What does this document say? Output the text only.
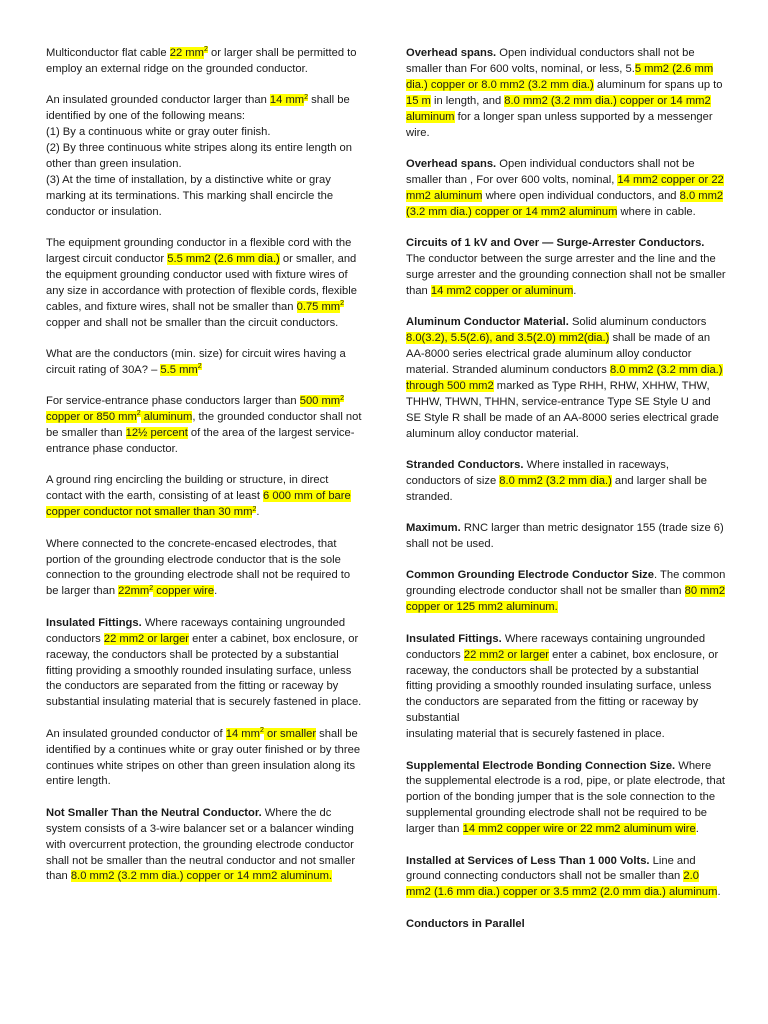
Multiconductor flat cable 22 $mm^2$ or larger shall be permitted to employ an external ridge on the grounded conductor.

An insulated grounded conductor larger than 14 $mm^2$ shall be identified by one of the following means:
(1) By a continuous white or gray outer finish.
(2) By three continuous white stripes along its entire length on other than green insulation.
(3) At the time of installation, by a distinctive white or gray marking at its terminations. This marking shall encircle the conductor or insulation.

The equipment grounding conductor in a flexible cord with the largest circuit conductor 5.5 mm2 (2.6 mm dia.) or smaller, and the equipment grounding conductor used with fixture wires of any size in accordance with protection of flexible cords, flexible cables, and fixture wires, shall not be smaller than 0.75 $mm^2$ copper and shall not be smaller than the circuit conductors.

What are the conductors (min. size) for circuit wires having a circuit rating of 30A? – 5.5 $mm^2$

For service-entrance phase conductors larger than 500 $mm^2$ copper or 850 $mm^2$ aluminum, the grounded conductor shall not be smaller than 12½ percent of the area of the largest service-entrance phase conductor.

A ground ring encircling the building or structure, in direct contact with the earth, consisting of at least 6 000 mm of bare copper conductor not smaller than 30 $mm^2$.

Where connected to the concrete-encased electrodes, that portion of the grounding electrode conductor that is the sole connection to the grounding electrode shall not be required to be larger than $22mm^2$ copper wire.

Insulated Fittings. Where raceways containing ungrounded conductors 22 mm2 or larger enter a cabinet, box enclosure, or raceway, the conductors shall be protected by a substantial fitting providing a smoothly rounded insulating surface, unless the conductors are separated from the fitting or raceway by substantial insulating material that is securely fastened in place.

An insulated grounded conductor of 14 $mm^2$ or smaller shall be identified by a continues white or gray outer finished or by three continues white stripes on other than green insulation along its entire length.

Not Smaller Than the Neutral Conductor. Where the dc system consists of a 3-wire balancer set or a balancer winding with overcurrent protection, the grounding electrode conductor shall not be smaller than the neutral conductor and not smaller than 8.0 mm2 (3.2 mm dia.) copper or 14 mm2 aluminum.

Overhead spans. Open individual conductors shall not be smaller than For 600 volts, nominal, or less, 5.5 mm2 (2.6 mm dia.) copper or 8.0 mm2 (3.2 mm dia.) aluminum for spans up to 15 m in length, and 8.0 mm2 (3.2 mm dia.) copper or 14 mm2 aluminum for a longer span unless supported by a messenger wire.

Overhead spans. Open individual conductors shall not be smaller than , For over 600 volts, nominal, 14 mm2 copper or 22 mm2 aluminum where open individual conductors, and 8.0 mm2 (3.2 mm dia.) copper or 14 mm2 aluminum where in cable.

Circuits of 1 kV and Over — Surge-Arrester Conductors. The conductor between the surge arrester and the line and the surge arrester and the grounding connection shall not be smaller than 14 mm2 copper or aluminum.

Aluminum Conductor Material. Solid aluminum conductors 8.0(3.2), 5.5(2.6), and 3.5(2.0) mm2(dia.) shall be made of an AA-8000 series electrical grade aluminum alloy conductor material. Stranded aluminum conductors 8.0 mm2 (3.2 mm dia.) through 500 mm2 marked as Type RHH, RHW, XHHW, THW, THHW, THWN, THHN, service-entrance Type SE Style U and SE Style R shall be made of an AA-8000 series electrical grade aluminum alloy conductor material.

Stranded Conductors. Where installed in raceways, conductors of size 8.0 mm2 (3.2 mm dia.) and larger shall be stranded.

Maximum. RNC larger than metric designator 155 (trade size 6) shall not be used.

Common Grounding Electrode Conductor Size. The common grounding electrode conductor shall not be smaller than 80 mm2 copper or 125 mm2 aluminum.

Insulated Fittings. Where raceways containing ungrounded conductors 22 mm2 or larger enter a cabinet, box enclosure, or raceway, the conductors shall be protected by a substantial fitting providing a smoothly rounded insulating surface, unless the conductors are separated from the fitting or raceway by substantial
insulating material that is securely fastened in place.

Supplemental Electrode Bonding Connection Size. Where the supplemental electrode is a rod, pipe, or plate electrode, that portion of the bonding jumper that is the sole connection to the supplemental grounding electrode shall not be required to be larger than 14 mm2 copper wire or 22 mm2 aluminum wire.

Installed at Services of Less Than 1 000 Volts. Line and ground connecting conductors shall not be smaller than 2.0 mm2 (1.6 mm dia.) copper or 3.5 mm2 (2.0 mm dia.) aluminum.

Conductors in Parallel
